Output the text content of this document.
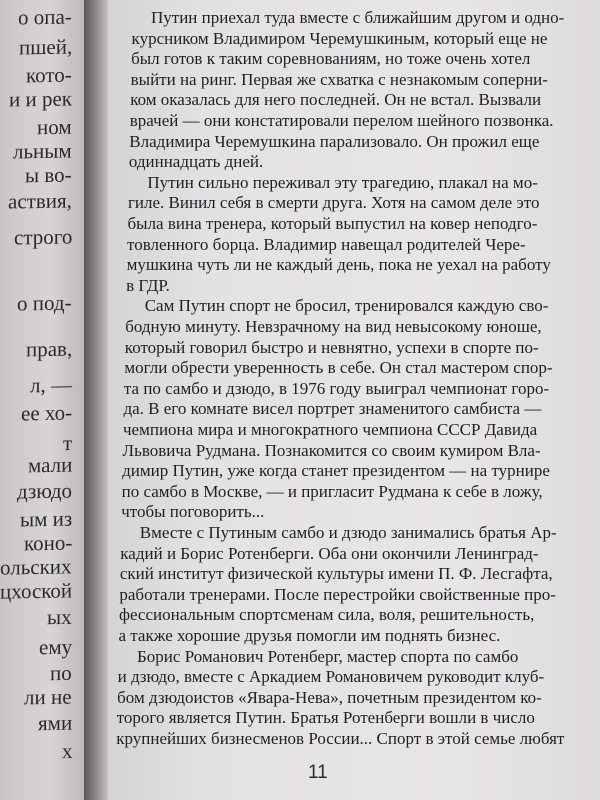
о опа-
пшей,
кото-
и и рек
ном
льным
ы во-
аствия,
строго
о под-
прав,
л, —
ее хо-
т
мали
дзюдо
ым из
коно-
ольских
цхоской
ых
ему
по
ли не
ями
х
Путин приехал туда вместе с ближайшим другом и одно-
курсником Владимиром Черемушкиным, который еще не
был готов к таким соревнованиям, но тоже очень хотел
выйти на ринг. Первая же схватка с незнакомым соперни-
ком оказалась для него последней. Он не встал. Вызвали
врачей — они констатировали перелом шейного позвонка.
Владимира Черемушкина парализовало. Он прожил еще
одиннадцать дней.
Путин сильно переживал эту трагедию, плакал на мо-
гиле. Винил себя в смерти друга. Хотя на самом деле это
была вина тренера, который выпустил на ковер неподго-
товленного борца. Владимир навещал родителей Чере-
мушкина чуть ли не каждый день, пока не уехал на работу
в ГДР.
Сам Путин спорт не бросил, тренировался каждую сво-
бодную минуту. Невзрачному на вид невысокому юноше,
который говорил быстро и невнятно, успехи в спорте по-
могли обрести уверенность в себе. Он стал мастером спор-
та по самбо и дзюдо, в 1976 году выиграл чемпионат горо-
да. В его комнате висел портрет знаменитого самбиста —
чемпиона мира и многократного чемпиона СССР Давида
Львовича Рудмана. Познакомится со своим кумиром Вла-
димир Путин, уже когда станет президентом — на турнире
по самбо в Москве, — и пригласит Рудмана к себе в ложу,
чтобы поговорить...
Вместе с Путиным самбо и дзюдо занимались братья Ар-
кадий и Борис Ротенберги. Оба они окончили Ленинград-
ский институт физической культуры имени П. Ф. Лесгафта,
работали тренерами. После перестройки свойственные про-
фессиональным спортсменам сила, воля, решительность,
а также хорошие друзья помогли им поднять бизнес.
Борис Романович Ротенберг, мастер спорта по самбо
и дзюдо, вместе с Аркадием Романовичем руководит клуб-
бом дзюдоистов «Явара-Нева», почетным президентом ко-
торого является Путин. Братья Ротенберги вошли в число
крупнейших бизнесменов России... Спорт в этой семье любят
11
